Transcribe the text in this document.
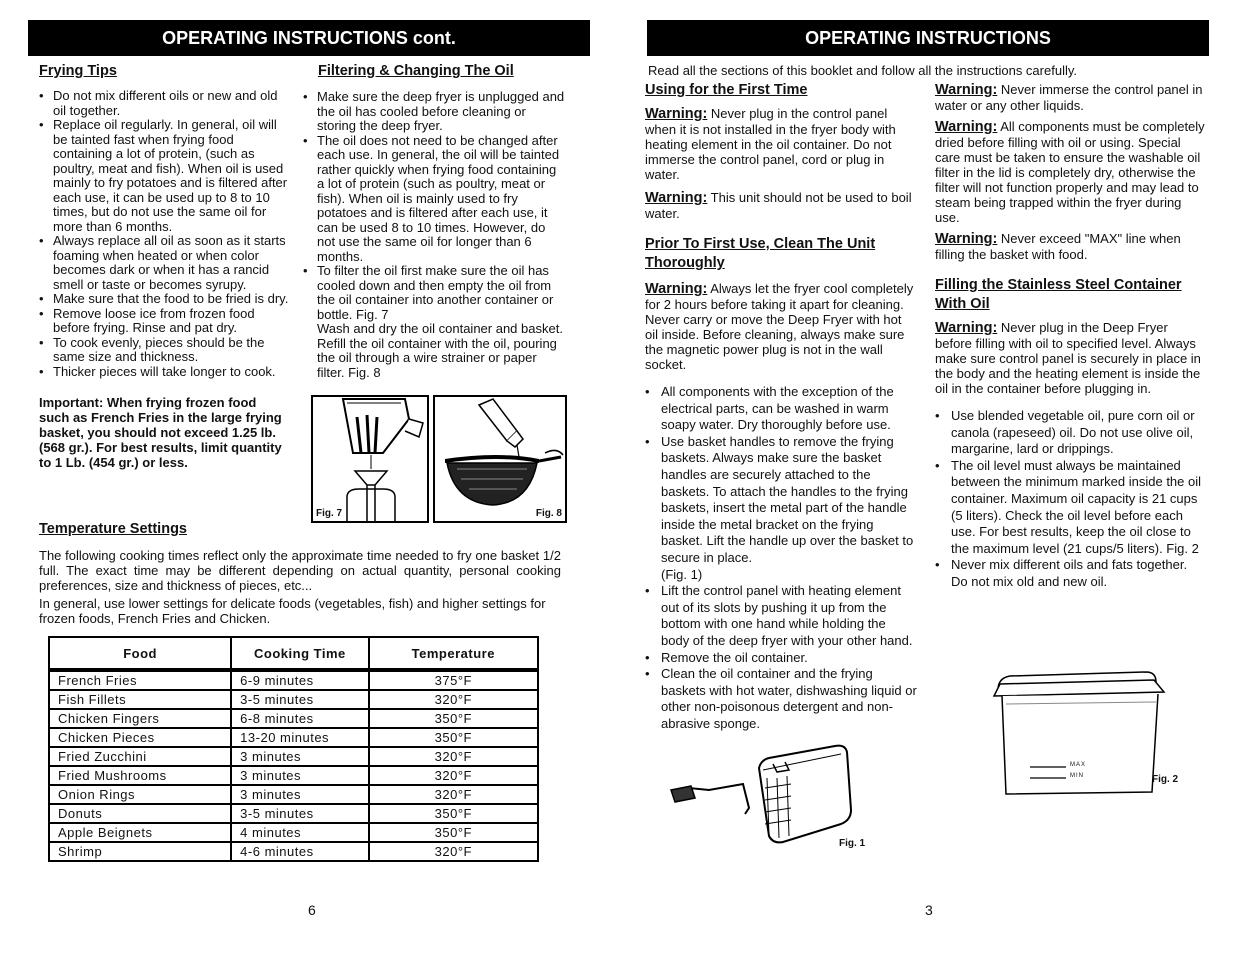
OPERATING INSTRUCTIONS cont.

Frying Tips

• Do not mix different oils or new and old oil together.
• Replace oil regularly. In general, oil will be tainted fast when frying food containing a lot of protein, (such as poultry, meat and fish). When oil is used mainly to fry potatoes and is filtered after each use, it can be used up to 8 to 10 times, but do not use the same oil for more than 6 months.
• Always replace all oil as soon as it starts foaming when heated or when color becomes dark or when it has a rancid smell or taste or becomes syrupy.
• Make sure that the food to be fried is dry.
• Remove loose ice from frozen food before frying. Rinse and pat dry.
• To cook evenly, pieces should be the same size and thickness.
• Thicker pieces will take longer to cook.

Important: When frying frozen food such as French Fries in the large frying basket, you should not exceed 1.25 lb. (568 gr.). For best results, limit quantity to 1 Lb. (454 gr.) or less.

Filtering & Changing The Oil

• Make sure the deep fryer is unplugged and the oil has cooled before cleaning or storing the deep fryer.
• The oil does not need to be changed after each use. In general, the oil will be tainted rather quickly when frying food containing a lot of protein (such as poultry, meat or fish). When oil is mainly used to fry potatoes and is filtered after each use, it can be used 8 to 10 times. However, do not use the same oil for longer than 6 months.
• To filter the oil first make sure the oil has cooled down and then empty the oil from the oil container into another container or bottle. Fig. 7
Wash and dry the oil container and basket. Refill the oil container with the oil, pouring the oil through a wire strainer or paper filter. Fig. 8
Fig. 7	Fig. 8

Temperature Settings

The following cooking times reflect only the approximate time needed to fry one basket 1/2 full. The exact time may be different depending on actual quantity, personal cooking preferences, size and thickness of pieces, etc...

In general, use lower settings for delicate foods (vegetables, fish) and higher settings for frozen foods, French Fries and Chicken.

Food	Cooking Time	Temperature
French Fries	6-9 minutes	375°F
Fish Fillets	3-5 minutes	320°F
Chicken Fingers	6-8 minutes	350°F
Chicken Pieces	13-20 minutes	350°F
Fried Zucchini	3 minutes	320°F
Fried Mushrooms	3 minutes	320°F
Onion Rings	3 minutes	320°F
Donuts	3-5 minutes	350°F
Apple Beignets	4 minutes	350°F
Shrimp	4-6 minutes	320°F
6
OPERATING INSTRUCTIONS

Read all the sections of this booklet and follow all the instructions carefully.

Using for the First Time

Warning: Never plug in the control panel when it is not installed in the fryer body with heating element in the oil container. Do not immerse the control panel, cord or plug in water.

Warning: This unit should not be used to boil water.

Prior To First Use, Clean The Unit Thoroughly

Warning: Always let the fryer cool completely for 2 hours before taking it apart for cleaning. Never carry or move the Deep Fryer with hot oil inside. Before cleaning, always make sure the magnetic power plug is not in the wall socket.

• All components with the exception of the electrical parts, can be washed in warm soapy water. Dry thoroughly before use.
• Use basket handles to remove the frying baskets. Always make sure the basket handles are securely attached to the baskets. To attach the handles to the frying baskets, insert the metal part of the handle inside the metal bracket on the frying basket. Lift the handle up over the basket to secure in place.
(Fig. 1)
• Lift the control panel with heating element out of its slots by pushing it up from the bottom with one hand while holding the body of the deep fryer with your other hand.
• Remove the oil container.
• Clean the oil container and the frying baskets with hot water, dishwashing liquid or other non-poisonous detergent and non-abrasive sponge.
Fig. 1

Warning: Never immerse the control panel in water or any other liquids.

Warning: All components must be completely dried before filling with oil or using. Special care must be taken to ensure the washable oil filter in the lid is completely dry, otherwise the filter will not function properly and may lead to steam being trapped within the fryer during use.

Warning: Never exceed "MAX" line when filling the basket with food.

Filling the Stainless Steel Container With Oil

Warning: Never plug in the Deep Fryer before filling with oil to specified level. Always make sure control panel is securely in place in the body and the heating element is inside the oil in the container before plugging in.

• Use blended vegetable oil, pure corn oil or canola (rapeseed) oil. Do not use olive oil, margarine, lard or drippings.
• The oil level must always be maintained between the minimum marked inside the oil container. Maximum oil capacity is 21 cups (5 liters). Check the oil level before each use. For best results, keep the oil close to the maximum level (21 cups/5 liters). Fig. 2
• Never mix different oils and fats together. Do not mix old and new oil.
MAX
MIN	Fig. 2
3
